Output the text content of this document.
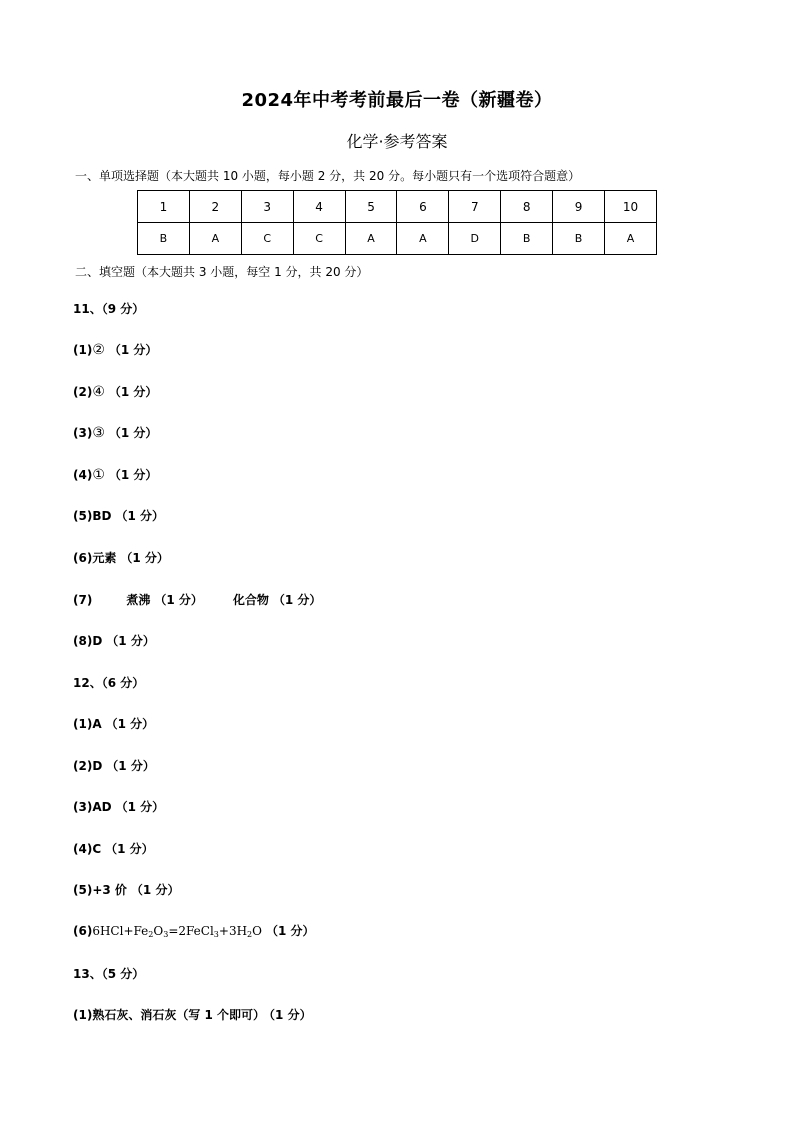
2024年中考考前最后一卷（新疆卷）
化学·参考答案
一、单项选择题（本大题共 10 小题，每小题 2 分，共 20 分。每小题只有一个选项符合题意）
1	2	3	4	5	6	7	8	9	10
B	A	C	C	A	A	D	B	B	A
二、填空题（本大题共 3 小题，每空 1 分，共 20 分）
11、（9 分）
(1)② （1 分）
(2)④ （1 分）
(3)③ （1 分）
(4)① （1 分）
(5)BD （1 分）
(6)元素 （1 分）
(7)	煮沸 （1 分）	化合物 （1 分）
(8)D （1 分）
12、（6 分）
(1)A （1 分）
(2)D （1 分）
(3)AD （1 分）
(4)C （1 分）
(5)+3 价 （1 分）
$(6)6HCl+Fe_2O_3=2FeCl_3+3H_2O$ （1 分）
13、（5 分）
(1)熟石灰、消石灰（写 1 个即可） （1 分）
